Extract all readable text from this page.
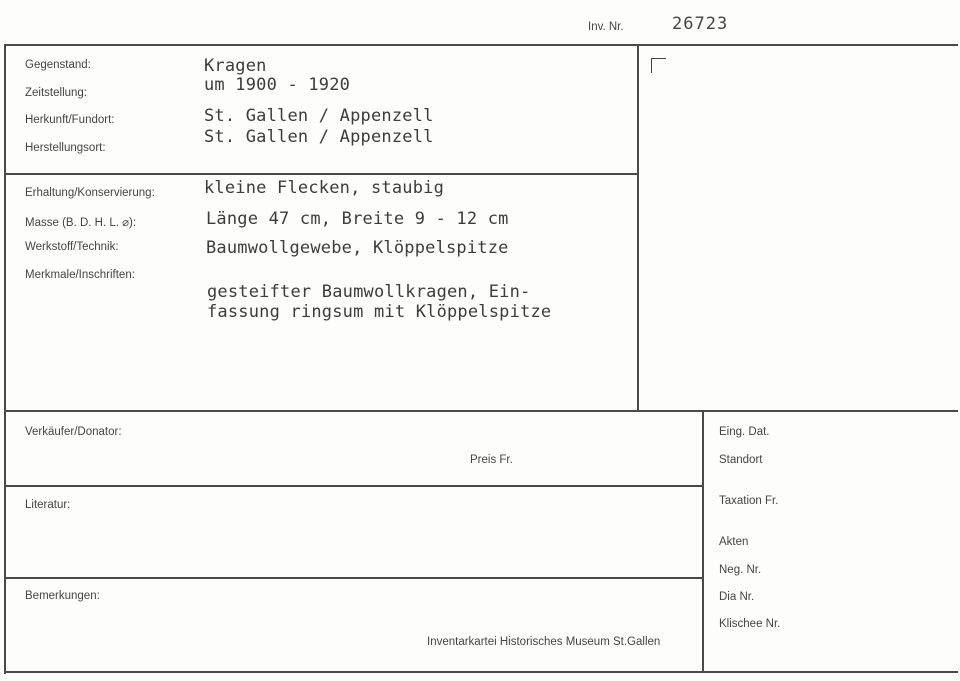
Inv. Nr.	26723
Gegenstand:
Zeitstellung:
Herkunft/Fundort:
Herstellungsort:
Kragen
um 1900 - 1920
St. Gallen / Appenzell
St. Gallen / Appenzell
Erhaltung/Konservierung:
Masse (B. D. H. L. ⌀):
Werkstoff/Technik:
Merkmale/Inschriften:
kleine Flecken, staubig
Länge 47 cm, Breite 9 - 12 cm
Baumwollgewebe, Klöppelspitze
gesteifter Baumwollkragen, Ein-
fassung ringsum mit Klöppelspitze
Verkäufer/Donator:
Preis Fr.
Literatur:
Bemerkungen:
Inventarkartei Historisches Museum St.Gallen
Eing. Dat.
Standort
Taxation Fr.
Akten
Neg. Nr.
Dia Nr.
Klischee Nr.
